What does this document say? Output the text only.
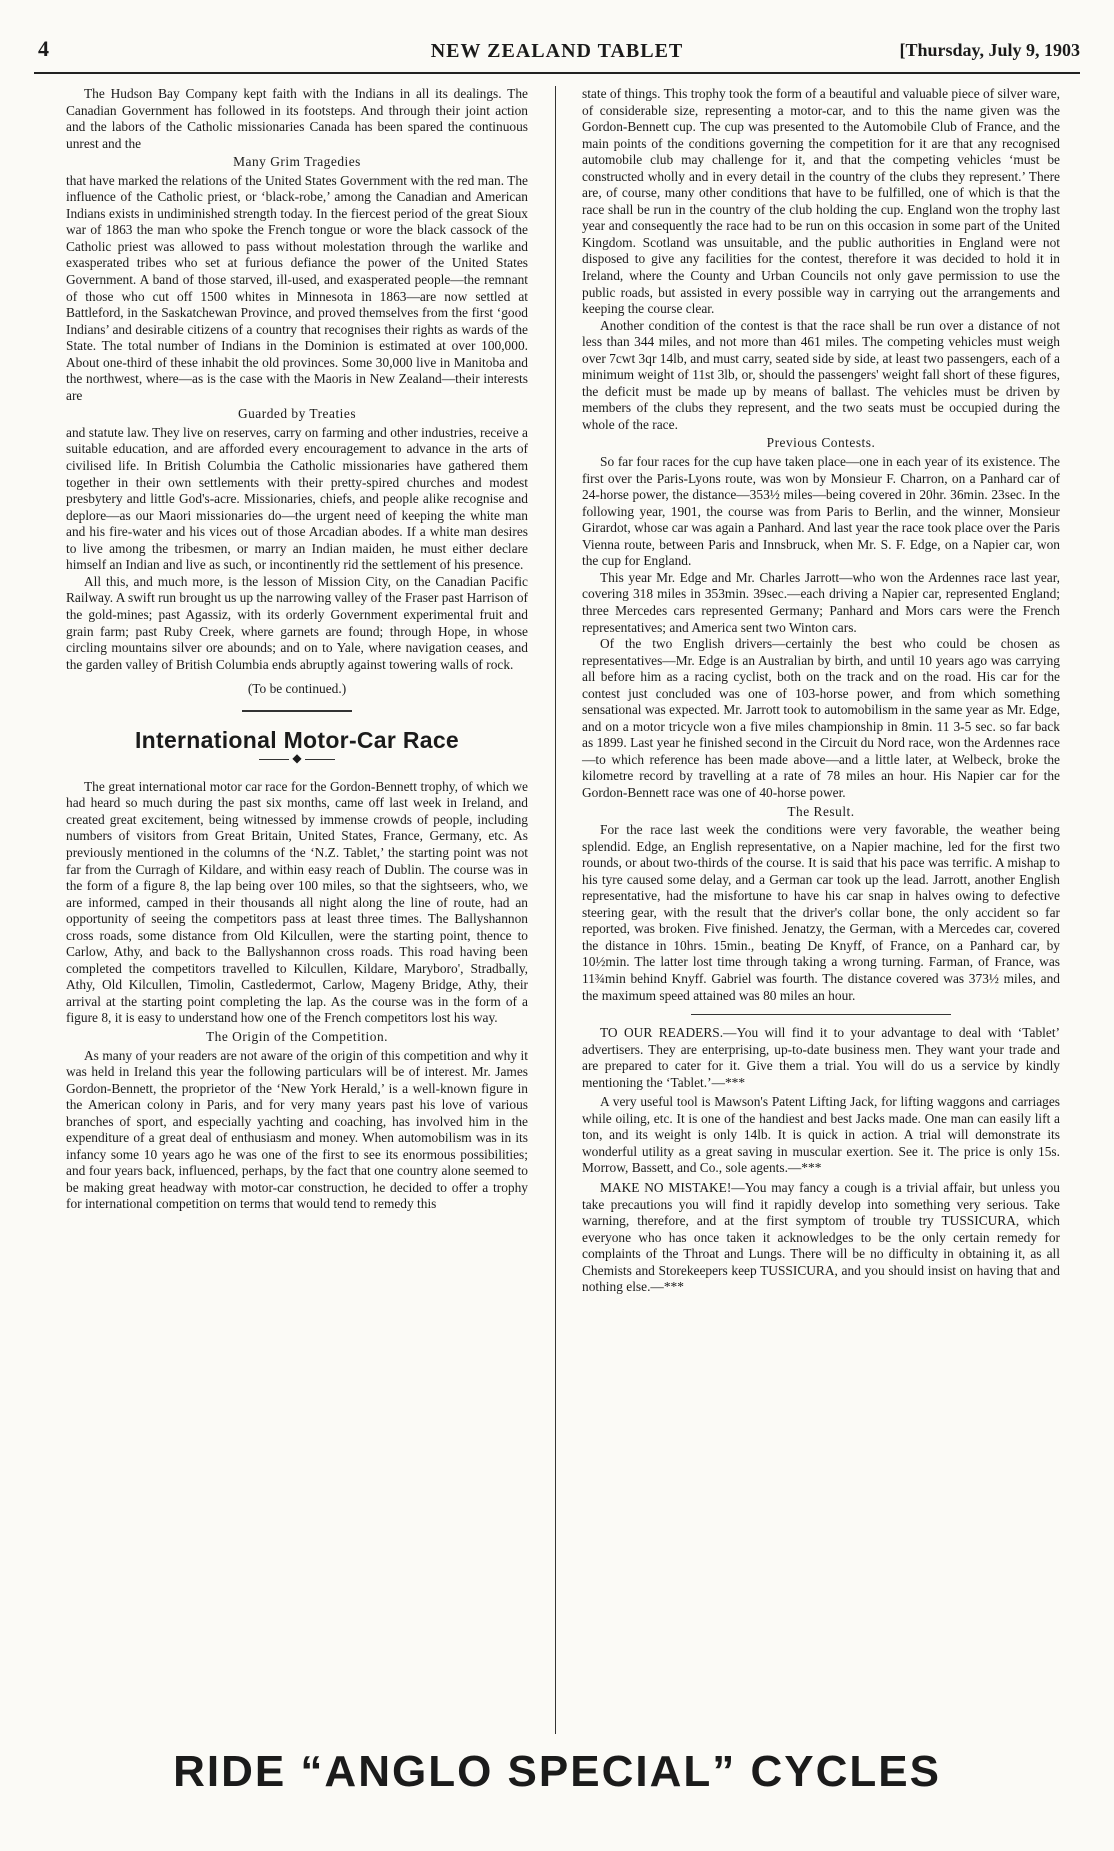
4	NEW ZEALAND TABLET	[Thursday, July 9, 1903

The Hudson Bay Company kept faith with the Indians in all its dealings. The Canadian Government has followed in its footsteps. And through their joint action and the labors of the Catholic missionaries Canada has been spared the continuous unrest and the

Many Grim Tragedies

that have marked the relations of the United States Government with the red man. The influence of the Catholic priest, or ‘black-robe,’ among the Canadian and American Indians exists in undiminished strength today. In the fiercest period of the great Sioux war of 1863 the man who spoke the French tongue or wore the black cassock of the Catholic priest was allowed to pass without molestation through the warlike and exasperated tribes who set at furious defiance the power of the United States Government. A band of those starved, ill-used, and exasperated people—the remnant of those who cut off 1500 whites in Minnesota in 1863—are now settled at Battleford, in the Saskatchewan Province, and proved themselves from the first ‘good Indians’ and desirable citizens of a country that recognises their rights as wards of the State. The total number of Indians in the Dominion is estimated at over 100,000. About one-third of these inhabit the old provinces. Some 30,000 live in Manitoba and the northwest, where—as is the case with the Maoris in New Zealand—their interests are

Guarded by Treaties

and statute law. They live on reserves, carry on farming and other industries, receive a suitable education, and are afforded every encouragement to advance in the arts of civilised life. In British Columbia the Catholic missionaries have gathered them together in their own settlements with their pretty-spired churches and modest presbytery and little God's-acre. Missionaries, chiefs, and people alike recognise and deplore—as our Maori missionaries do—the urgent need of keeping the white man and his fire-water and his vices out of those Arcadian abodes. If a white man desires to live among the tribesmen, or marry an Indian maiden, he must either declare himself an Indian and live as such, or incontinently rid the settlement of his presence.

All this, and much more, is the lesson of Mission City, on the Canadian Pacific Railway. A swift run brought us up the narrowing valley of the Fraser past Harrison of the gold-mines; past Agassiz, with its orderly Government experimental fruit and grain farm; past Ruby Creek, where garnets are found; through Hope, in whose circling mountains silver ore abounds; and on to Yale, where navigation ceases, and the garden valley of British Columbia ends abruptly against towering walls of rock.

(To be continued.)

International Motor-Car Race
◆

The great international motor car race for the Gordon-Bennett trophy, of which we had heard so much during the past six months, came off last week in Ireland, and created great excitement, being witnessed by immense crowds of people, including numbers of visitors from Great Britain, United States, France, Germany, etc. As previously mentioned in the columns of the ‘N.Z. Tablet,’ the starting point was not far from the Curragh of Kildare, and within easy reach of Dublin. The course was in the form of a figure 8, the lap being over 100 miles, so that the sightseers, who, we are informed, camped in their thousands all night along the line of route, had an opportunity of seeing the competitors pass at least three times. The Ballyshannon cross roads, some distance from Old Kilcullen, were the starting point, thence to Carlow, Athy, and back to the Ballyshannon cross roads. This road having been completed the competitors travelled to Kilcullen, Kildare, Maryboro', Stradbally, Athy, Old Kilcullen, Timolin, Castledermot, Carlow, Mageny Bridge, Athy, their arrival at the starting point completing the lap. As the course was in the form of a figure 8, it is easy to understand how one of the French competitors lost his way.

The Origin of the Competition.

As many of your readers are not aware of the origin of this competition and why it was held in Ireland this year the following particulars will be of interest. Mr. James Gordon-Bennett, the proprietor of the ‘New York Herald,’ is a well-known figure in the American colony in Paris, and for very many years past his love of various branches of sport, and especially yachting and coaching, has involved him in the expenditure of a great deal of enthusiasm and money. When automobilism was in its infancy some 10 years ago he was one of the first to see its enormous possibilities; and four years back, influenced, perhaps, by the fact that one country alone seemed to be making great headway with motor-car construction, he decided to offer a trophy for international competition on terms that would tend to remedy this

state of things. This trophy took the form of a beautiful and valuable piece of silver ware, of considerable size, representing a motor-car, and to this the name given was the Gordon-Bennett cup. The cup was presented to the Automobile Club of France, and the main points of the conditions governing the competition for it are that any recognised automobile club may challenge for it, and that the competing vehicles ‘must be constructed wholly and in every detail in the country of the clubs they represent.’ There are, of course, many other conditions that have to be fulfilled, one of which is that the race shall be run in the country of the club holding the cup. England won the trophy last year and consequently the race had to be run on this occasion in some part of the United Kingdom. Scotland was unsuitable, and the public authorities in England were not disposed to give any facilities for the contest, therefore it was decided to hold it in Ireland, where the County and Urban Councils not only gave permission to use the public roads, but assisted in every possible way in carrying out the arrangements and keeping the course clear.

Another condition of the contest is that the race shall be run over a distance of not less than 344 miles, and not more than 461 miles. The competing vehicles must weigh over 7cwt 3qr 14lb, and must carry, seated side by side, at least two passengers, each of a minimum weight of 11st 3lb, or, should the passengers' weight fall short of these figures, the deficit must be made up by means of ballast. The vehicles must be driven by members of the clubs they represent, and the two seats must be occupied during the whole of the race.

Previous Contests.

So far four races for the cup have taken place—one in each year of its existence. The first over the Paris-Lyons route, was won by Monsieur F. Charron, on a Panhard car of 24-horse power, the distance—353½ miles—being covered in 20hr. 36min. 23sec. In the following year, 1901, the course was from Paris to Berlin, and the winner, Monsieur Girardot, whose car was again a Panhard. And last year the race took place over the Paris Vienna route, between Paris and Innsbruck, when Mr. S. F. Edge, on a Napier car, won the cup for England.

This year Mr. Edge and Mr. Charles Jarrott—who won the Ardennes race last year, covering 318 miles in 353min. 39sec.—each driving a Napier car, represented England; three Mercedes cars represented Germany; Panhard and Mors cars were the French representatives; and America sent two Winton cars.

Of the two English drivers—certainly the best who could be chosen as representatives—Mr. Edge is an Australian by birth, and until 10 years ago was carrying all before him as a racing cyclist, both on the track and on the road. His car for the contest just concluded was one of 103-horse power, and from which something sensational was expected. Mr. Jarrott took to automobilism in the same year as Mr. Edge, and on a motor tricycle won a five miles championship in 8min. 11 3-5 sec. so far back as 1899. Last year he finished second in the Circuit du Nord race, won the Ardennes race—to which reference has been made above—and a little later, at Welbeck, broke the kilometre record by travelling at a rate of 78 miles an hour. His Napier car for the Gordon-Bennett race was one of 40-horse power.

The Result.

For the race last week the conditions were very favorable, the weather being splendid. Edge, an English representative, on a Napier machine, led for the first two rounds, or about two-thirds of the course. It is said that his pace was terrific. A mishap to his tyre caused some delay, and a German car took up the lead. Jarrott, another English representative, had the misfortune to have his car snap in halves owing to defective steering gear, with the result that the driver's collar bone, the only accident so far reported, was broken. Five finished. Jenatzy, the German, with a Mercedes car, covered the distance in 10hrs. 15min., beating De Knyff, of France, on a Panhard car, by 10½min. The latter lost time through taking a wrong turning. Farman, of France, was 11¾min behind Knyff. Gabriel was fourth. The distance covered was 373½ miles, and the maximum speed attained was 80 miles an hour.

TO OUR READERS.—You will find it to your advantage to deal with ‘Tablet’ advertisers. They are enterprising, up-to-date business men. They want your trade and are prepared to cater for it. Give them a trial. You will do us a service by kindly mentioning the ‘Tablet.’—***

A very useful tool is Mawson's Patent Lifting Jack, for lifting waggons and carriages while oiling, etc. It is one of the handiest and best Jacks made. One man can easily lift a ton, and its weight is only 14lb. It is quick in action. A trial will demonstrate its wonderful utility as a great saving in muscular exertion. See it. The price is only 15s. Morrow, Bassett, and Co., sole agents.—***

MAKE NO MISTAKE!—You may fancy a cough is a trivial affair, but unless you take precautions you will find it rapidly develop into something very serious. Take warning, therefore, and at the first symptom of trouble try TUSSICURA, which everyone who has once taken it acknowledges to be the only certain remedy for complaints of the Throat and Lungs. There will be no difficulty in obtaining it, as all Chemists and Storekeepers keep TUSSICURA, and you should insist on having that and nothing else.—***

RIDE “ANGLO SPECIAL” CYCLES
